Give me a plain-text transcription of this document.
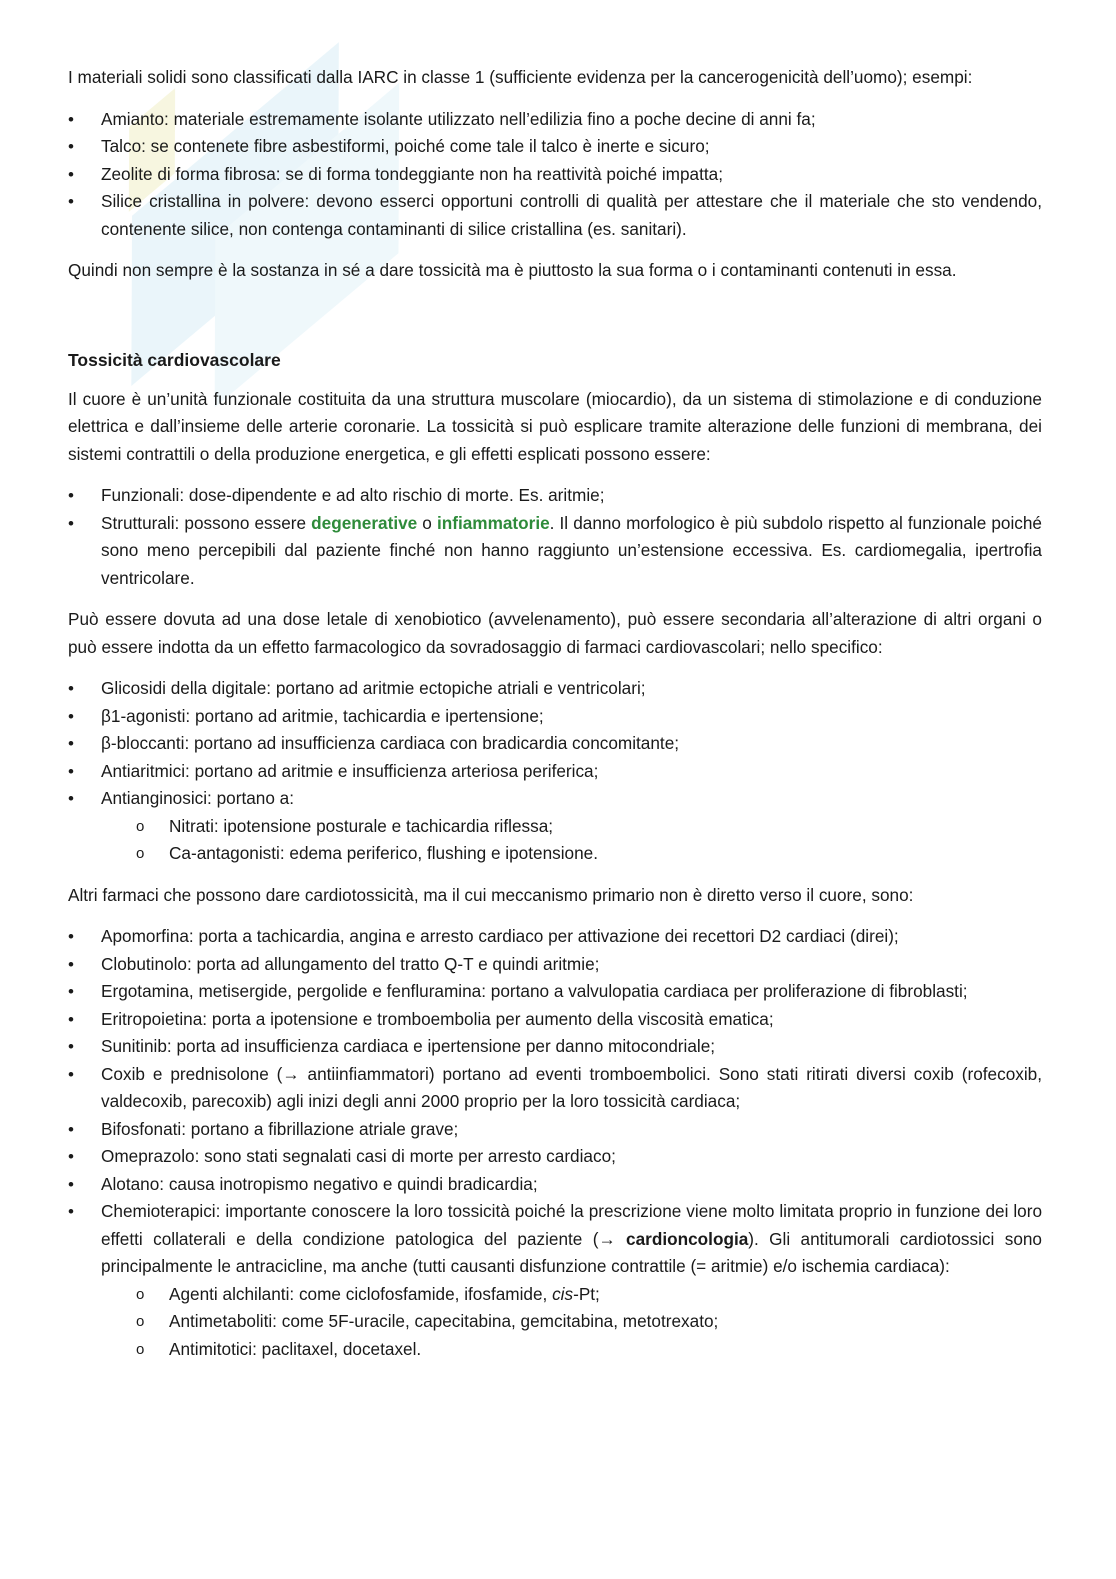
I materiali solidi sono classificati dalla IARC in classe 1 (sufficiente evidenza per la cancerogenicità dell’uomo); esempi:

• Amianto: materiale estremamente isolante utilizzato nell’edilizia fino a poche decine di anni fa;
• Talco: se contenete fibre asbestiformi, poiché come tale il talco è inerte e sicuro;
• Zeolite di forma fibrosa: se di forma tondeggiante non ha reattività poiché impatta;
• Silice cristallina in polvere: devono esserci opportuni controlli di qualità per attestare che il materiale che sto vendendo, contenente silice, non contenga contaminanti di silice cristallina (es. sanitari).

Quindi non sempre è la sostanza in sé a dare tossicità ma è piuttosto la sua forma o i contaminanti contenuti in essa.

Tossicità cardiovascolare

Il cuore è un’unità funzionale costituita da una struttura muscolare (miocardio), da un sistema di stimolazione e di conduzione elettrica e dall’insieme delle arterie coronarie. La tossicità si può esplicare tramite alterazione delle funzioni di membrana, dei sistemi contrattili o della produzione energetica, e gli effetti esplicati possono essere:

• Funzionali: dose-dipendente e ad alto rischio di morte. Es. aritmie;
• Strutturali: possono essere degenerative o infiammatorie. Il danno morfologico è più subdolo rispetto al funzionale poiché sono meno percepibili dal paziente finché non hanno raggiunto un’estensione eccessiva. Es. cardiomegalia, ipertrofia ventricolare.

Può essere dovuta ad una dose letale di xenobiotico (avvelenamento), può essere secondaria all’alterazione di altri organi o può essere indotta da un effetto farmacologico da sovradosaggio di farmaci cardiovascolari; nello specifico:

• Glicosidi della digitale: portano ad aritmie ectopiche atriali e ventricolari;
• β1-agonisti: portano ad aritmie, tachicardia e ipertensione;
• β-bloccanti: portano ad insufficienza cardiaca con bradicardia concomitante;
• Antiaritmici: portano ad aritmie e insufficienza arteriosa periferica;
• Antianginosici: portano a:
o Nitrati: ipotensione posturale e tachicardia riflessa;
o Ca-antagonisti: edema periferico, flushing e ipotensione.

Altri farmaci che possono dare cardiotossicità, ma il cui meccanismo primario non è diretto verso il cuore, sono:

• Apomorfina: porta a tachicardia, angina e arresto cardiaco per attivazione dei recettori D2 cardiaci (direi);
• Clobutinolo: porta ad allungamento del tratto Q-T e quindi aritmie;
• Ergotamina, metisergide, pergolide e fenfluramina: portano a valvulopatia cardiaca per proliferazione di fibroblasti;
• Eritropoietina: porta a ipotensione e tromboembolia per aumento della viscosità ematica;
• Sunitinib: porta ad insufficienza cardiaca e ipertensione per danno mitocondriale;
• Coxib e prednisolone (→ antiinfiammatori) portano ad eventi tromboembolici. Sono stati ritirati diversi coxib (rofecoxib, valdecoxib, parecoxib) agli inizi degli anni 2000 proprio per la loro tossicità cardiaca;
• Bifosfonati: portano a fibrillazione atriale grave;
• Omeprazolo: sono stati segnalati casi di morte per arresto cardiaco;
• Alotano: causa inotropismo negativo e quindi bradicardia;
• Chemioterapici: importante conoscere la loro tossicità poiché la prescrizione viene molto limitata proprio in funzione dei loro effetti collaterali e della condizione patologica del paziente (→ cardioncologia). Gli antitumorali cardiotossici sono principalmente le antracicline, ma anche (tutti causanti disfunzione contrattile (= aritmie) e/o ischemia cardiaca):
o Agenti alchilanti: come ciclofosfamide, ifosfamide, cis-Pt;
o Antimetaboliti: come 5F-uracile, capecitabina, gemcitabina, metotrexato;
o Antimitotici: paclitaxel, docetaxel.
